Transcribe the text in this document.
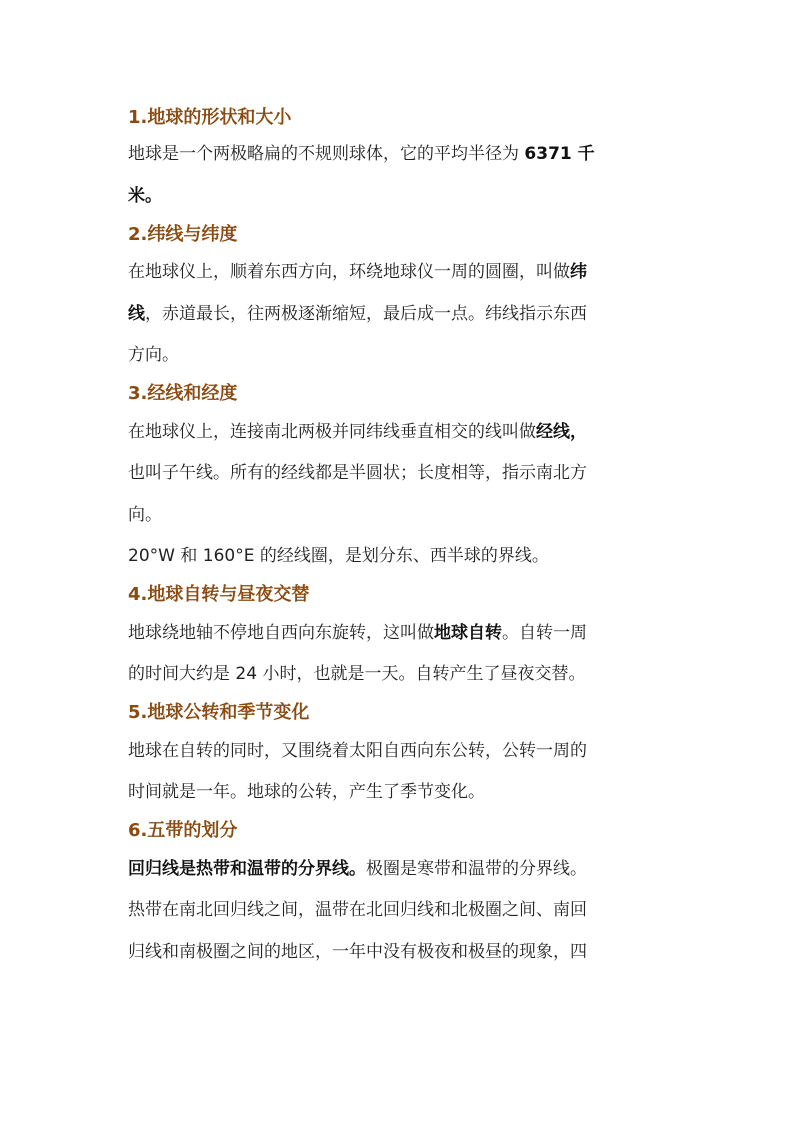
1.地球的形状和大小
地球是一个两极略扁的不规则球体，它的平均半径为 6371 千
米。
2.纬线与纬度
在地球仪上，顺着东西方向，环绕地球仪一周的圆圈，叫做纬
线，赤道最长，往两极逐渐缩短，最后成一点。纬线指示东西
方向。
3.经线和经度
在地球仪上，连接南北两极并同纬线垂直相交的线叫做经线，
也叫子午线。所有的经线都是半圆状；长度相等，指示南北方
向。
20°W 和 160°E 的经线圈，是划分东、西半球的界线。
4.地球自转与昼夜交替
地球绕地轴不停地自西向东旋转，这叫做地球自转。自转一周
的时间大约是 24 小时，也就是一天。自转产生了昼夜交替。
5.地球公转和季节变化
地球在自转的同时，又围绕着太阳自西向东公转，公转一周的
时间就是一年。地球的公转，产生了季节变化。
6.五带的划分
回归线是热带和温带的分界线。极圈是寒带和温带的分界线。
热带在南北回归线之间，温带在北回归线和北极圈之间、南回
归线和南极圈之间的地区，一年中没有极夜和极昼的现象，四
